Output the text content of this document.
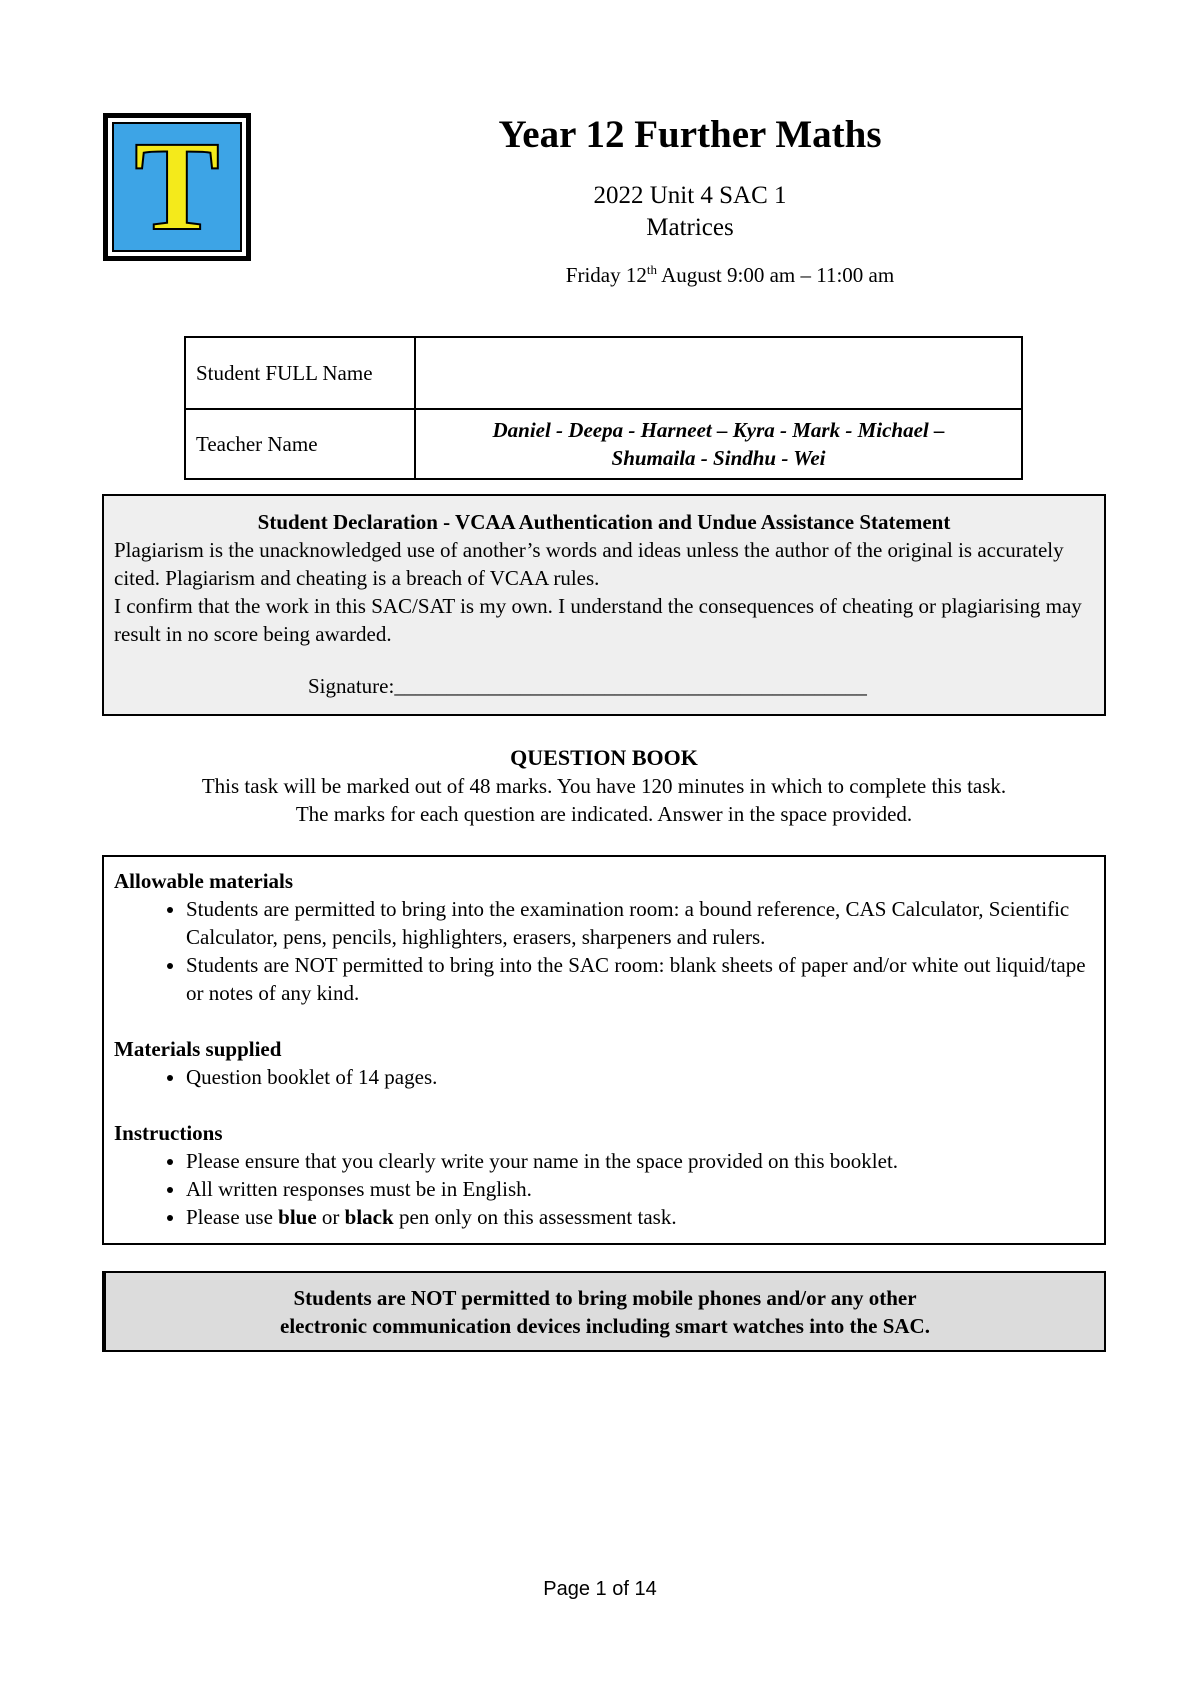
T	Year 12 Further Maths
2022 Unit 4 SAC 1
Matrices
Friday 12th August 9:00 am – 11:00 am
Student FULL Name	
Teacher Name	Daniel - Deepa - Harneet – Kyra - Mark - Michael –
Shumaila - Sindhu - Wei
Student Declaration - VCAA Authentication and Undue Assistance Statement
Plagiarism is the unacknowledged use of another’s words and ideas unless the author of the original is accurately cited. Plagiarism and cheating is a breach of VCAA rules.
I confirm that the work in this SAC/SAT is my own. I understand the consequences of cheating or plagiarising may result in no score being awarded.
Signature:_____________________________________________
QUESTION BOOK
This task will be marked out of 48 marks. You have 120 minutes in which to complete this task.
The marks for each question are indicated. Answer in the space provided.
Allowable materials
• Students are permitted to bring into the examination room: a bound reference, CAS Calculator, Scientific Calculator, pens, pencils, highlighters, erasers, sharpeners and rulers.
• Students are NOT permitted to bring into the SAC room: blank sheets of paper and/or white out liquid/tape or notes of any kind.
Materials supplied
• Question booklet of 14 pages.
Instructions
• Please ensure that you clearly write your name in the space provided on this booklet.
• All written responses must be in English.
• Please use blue or black pen only on this assessment task.
Students are NOT permitted to bring mobile phones and/or any other electronic communication devices including smart watches into the SAC.
Page 1 of 14
